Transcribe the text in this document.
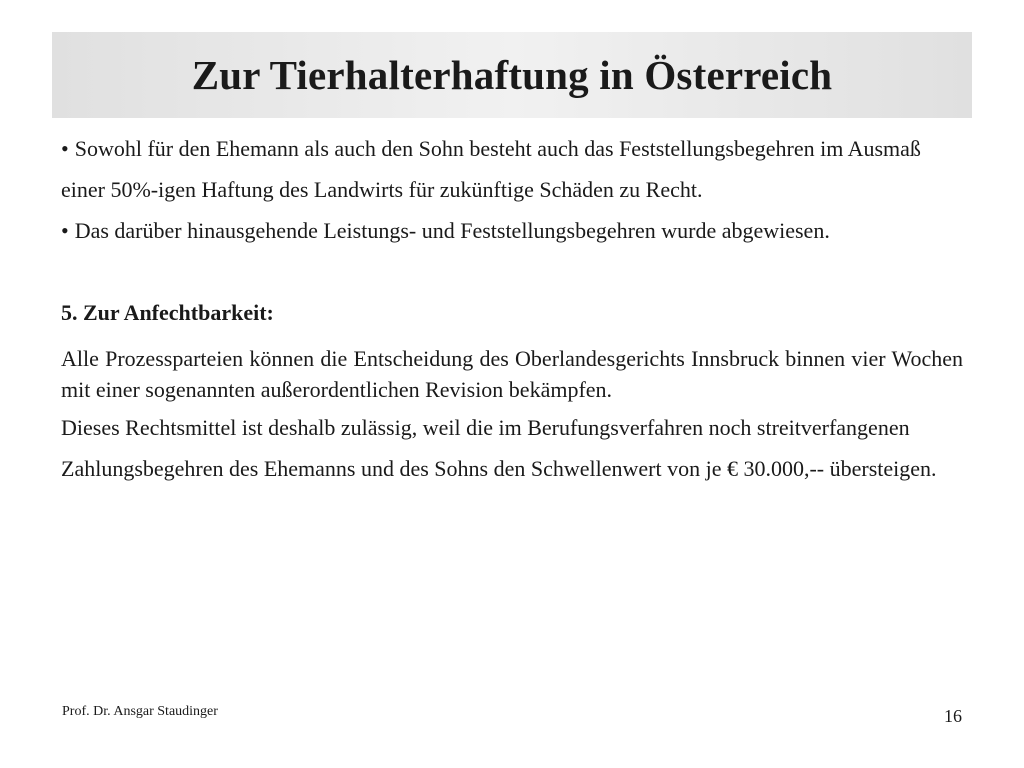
Zur Tierhalterhaftung in Österreich

• Sowohl für den Ehemann als auch den Sohn besteht auch das Feststellungsbegehren im Ausmaß einer 50%-igen Haftung des Landwirts für zukünftige Schäden zu Recht.

• Das darüber hinausgehende Leistungs- und Feststellungsbegehren wurde abgewiesen.

5. Zur Anfechtbarkeit:

Alle Prozessparteien können die Entscheidung des Oberlandesgerichts Innsbruck binnen vier Wochen mit einer sogenannten außerordentlichen Revision bekämpfen.

Dieses Rechtsmittel ist deshalb zulässig, weil die im Berufungsverfahren noch streitverfangenen Zahlungsbegehren des Ehemanns und des Sohns den Schwellenwert von je € 30.000,-- übersteigen.

Prof. Dr. Ansgar Staudinger	16
